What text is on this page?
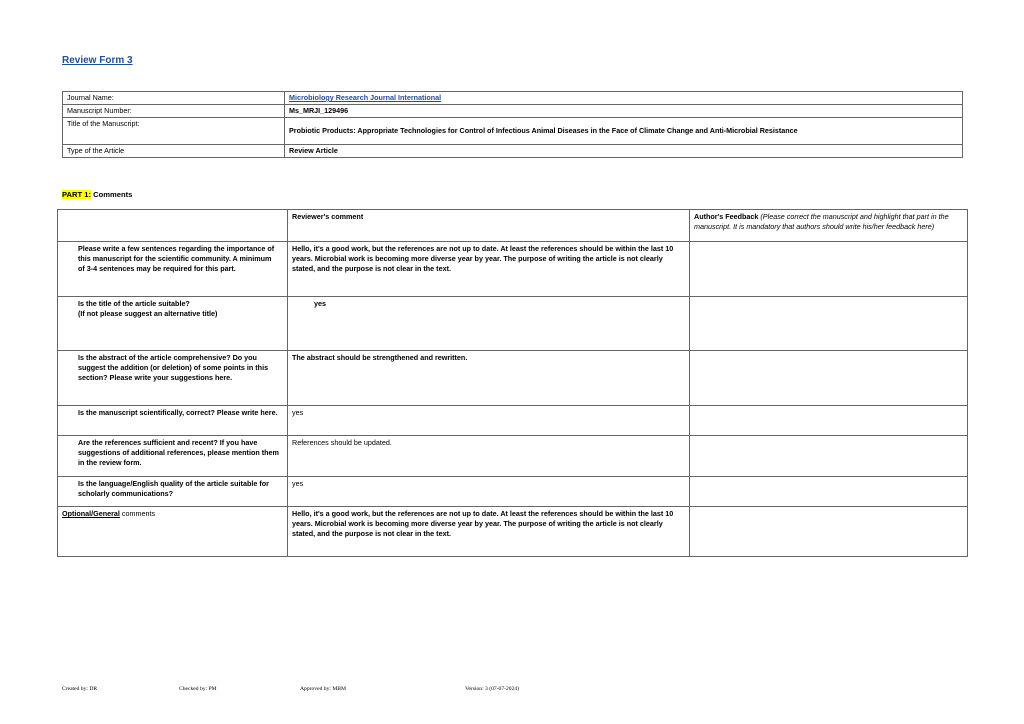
Review Form 3
Journal Name:	Microbiology Research Journal International
Manuscript Number:	Ms_MRJI_129496
Title of the Manuscript:	Probiotic Products: Appropriate Technologies for Control of Infectious Animal Diseases in the Face of Climate Change and Anti-Microbial Resistance
Type of the Article	Review Article
PART 1: Comments
	Reviewer's comment	Author's Feedback (Please correct the manuscript and highlight that part in the manuscript. It is mandatory that authors should write his/her feedback here)
Please write a few sentences regarding the importance of this manuscript for the scientific community. A minimum of 3-4 sentences may be required for this part.	Hello, it's a good work, but the references are not up to date. At least the references should be within the last 10 years. Microbial work is becoming more diverse year by year. The purpose of writing the article is not clearly stated, and the purpose is not clear in the text.	
Is the title of the article suitable?
(If not please suggest an alternative title)	yes	
Is the abstract of the article comprehensive? Do you suggest the addition (or deletion) of some points in this section? Please write your suggestions here.	The abstract should be strengthened and rewritten.	
Is the manuscript scientifically, correct? Please write here.	yes	
Are the references sufficient and recent? If you have suggestions of additional references, please mention them in the review form.	References should be updated.	
Is the language/English quality of the article suitable for scholarly communications?	yes	
Optional/General comments	Hello, it's a good work, but the references are not up to date. At least the references should be within the last 10 years. Microbial work is becoming more diverse year by year. The purpose of writing the article is not clearly stated, and the purpose is not clear in the text.	
Created by: DR	Checked by: PM	Approved by: MBM	Version: 3 (07-07-2024)
